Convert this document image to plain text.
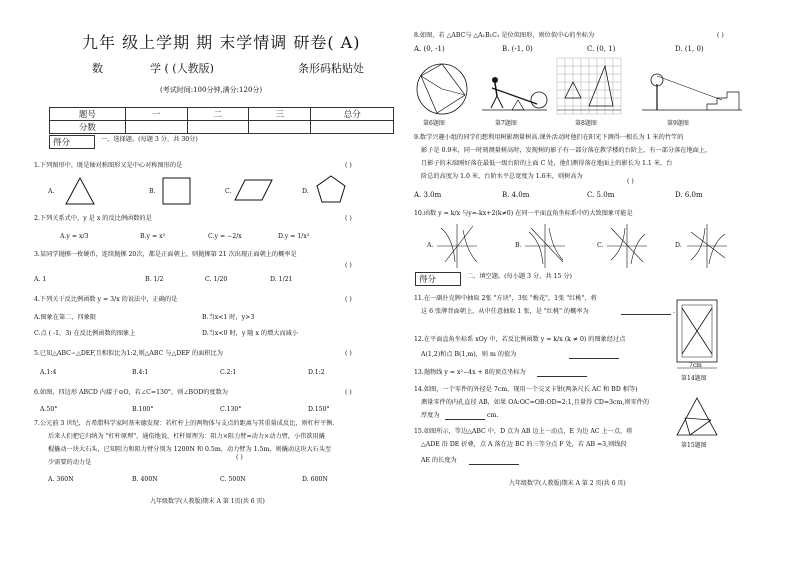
九年 级上学期 期 末学情调 研卷( A)
数	学 ( (人教版)	条形码粘贴处
(考试时间:100分钟,满分:120分)
题号	一	二	三	总分
分数				
得分	一、选择题。(每题 3 分，共 30分)
1.下列图形中，既是轴对称图形又是中心对称图形的是	( )
A.	B.	C.	D.
2.下列关系式中，y 是 x 的反比例函数的是	( )
A.y = x/3	B.y = x²	C.y = −2/x	D.y = 1/x²
3.某同学抛掷一枚硬币，连续抛掷 20次，都是正面朝上，则抛掷第 21 次出现正面朝上的概率是
( )
A. 1	B. 1/2	C. 1/20	D. 1/21
4.下列关于反比例函数 y = 3/x 的说法中，正确的是	( )
A.图象在第二、四象限	B.当x<1 时，y>3
C.点 ( -1，3) 在反比例函数的图象上	D.当x<0 时，y 随 x 的增大而减小
5.已知△ABC∽△DEF,且相似比为1:2,则△ABC 与△DEF 的面积比为	( )
A.1:4	B.4:1	C.2:1	D.1:2
6.如图，四边形 ABCD 内接于⊙O，若∠C=130°，则∠BOD的度数为	( )
A.50°	B.100°	C.130°	D.150°
7.公元前 3 世纪，古希腊科学家阿基米德发现：若杠杆上的两物体与支点的距离与其重量成反比，则杠杆平衡.
后来人们把它归纳为 "杠杆原理"，通俗地说，杠杆原理为：阻力×阻力臂=动力×动力臂，小伟欲用撬
棍撬动一块大石头，已知阻力和阻力臂分别为 1200N 和 0.5m，动力臂为 1.5m，则撬动这块大石头至
少需要的动力是
( )
A. 360N	B. 400N	C. 500N	D. 600N
九年级数学(人教版)期末 A 第 1页(共 6 页)
8.如图，若 △ABC与 △A₁B₁C₁ 是位似图形，则位似中心的坐标为	( )
A. (0, -1)	B. (-1, 0)	C. (0, 1)	D. (1, 0)
第6题图	第7题图	第8题图	第9题图
9.数学兴趣小组的同学们想利用树影测量树高.课外活动时他们在阳光下测得一根长为 1 米的竹竿的
影子是 0.9米，同一时刻测量树高时，发现树的影子有一部分落在教学楼的台阶上，有一部分落在地面上，
且影子的末端刚好落在最低一级台阶的上面 C 处，他们测得落在地面上的影长为 1.1 米，台
阶总的高度为 1.0 米，台阶水平总宽度为 1.6米，则树高为
( )
A. 3.0m	B. 4.0m	C. 5.0m	D. 6.0m
10.函数 y = k/x 与y=-kx+2(k≠0) 在同一平面直角坐标系中的大致图象可能是
A.	B.	C.	D.
得分	二、填空题。(每小题 3 分，共 15 分)
11.在一副扑克牌中抽取 2张 "方块"，3张 "梅花"，1张 "红桃"，将
这 6 张牌背面朝上，从中任意抽取 1 张，是 "红桃" 的概率为	.
12.在平面直角坐标系 xOy 中，若反比例函数 y = k/x (k ≠ 0) 的图象经过点
A(1,2)和点 B(1,m)，则 m 的值为
13.抛物线 y = x²−4x + 8的顶点坐标为
14.如图，一个零件的外径是 7cm，现用一个交叉卡钳(两条尺长 AC 和 BD 相等)
测量零件的内孔直径 AB，如果 OA:OC=OB:OD=2:1,且量得 CD=3cm,则零件的
厚度为	cm.
15.如图所示，等边△ABC 中，D 点为 AB 边上一动点，E 为边 AC 上一点，将
△ADE 沿 DE 折叠，点 A 落在边 BC 的三等分点 F 处，若 AB =3,则线段
AE 的长度为
7cm
第14题图
第15题图
九年级数学(人教版)期末 A 第 2 页(共 6 页)
